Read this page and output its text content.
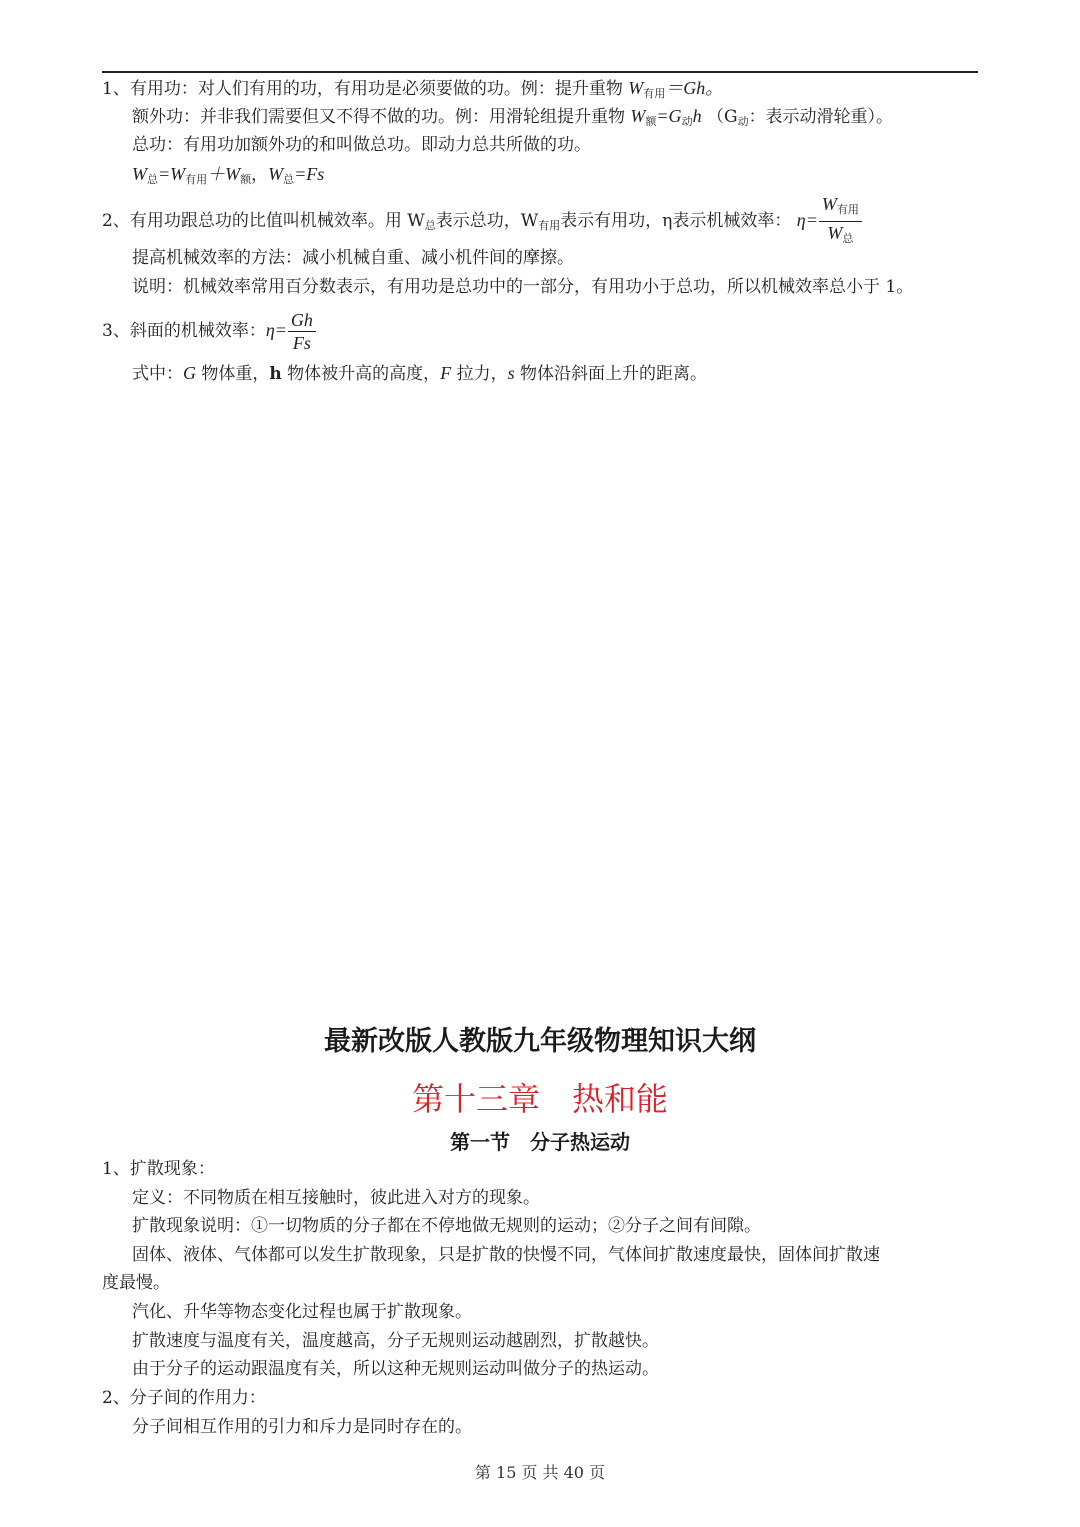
1、有用功：对人们有用的功，有用功是必须要做的功。例：提升重物 $W_{有用}=Gh$。
额外功：并非我们需要但又不得不做的功。例：用滑轮组提升重物 $W_额=G_动h$ （$G_动$：表示动滑轮重）。
总功：有用功加额外功的和叫做总功。即动力总共所做的功。
$W_总=W_{有用}+W_额$，$W_总=Fs$
2、有用功跟总功的比值叫机械效率。用 $W_总$表示总功，$W_{有用}$表示有用功，η表示机械效率： $\eta= \frac{W_{有用}}{W_总}$
提高机械效率的方法：减小机械自重、减小机件间的摩擦。
说明：机械效率常用百分数表示，有用功是总功中的一部分，有用功小于总功，所以机械效率总小于 1。
3、斜面的机械效率：$\eta= \frac{Gh}{Fs}$
式中：G 物体重，h 物体被升高的高度，F 拉力，s 物体沿斜面上升的距离。
最新改版人教版九年级物理知识大纲
第十三章　热和能
第一节　分子热运动
1、扩散现象：
定义：不同物质在相互接触时，彼此进入对方的现象。
扩散现象说明：①一切物质的分子都在不停地做无规则的运动；②分子之间有间隙。
固体、液体、气体都可以发生扩散现象，只是扩散的快慢不同，气体间扩散速度最快，固体间扩散速
度最慢。
汽化、升华等物态变化过程也属于扩散现象。
扩散速度与温度有关，温度越高，分子无规则运动越剧烈，扩散越快。
由于分子的运动跟温度有关，所以这种无规则运动叫做分子的热运动。
2、分子间的作用力：
分子间相互作用的引力和斥力是同时存在的。
第 15 页 共 40 页
